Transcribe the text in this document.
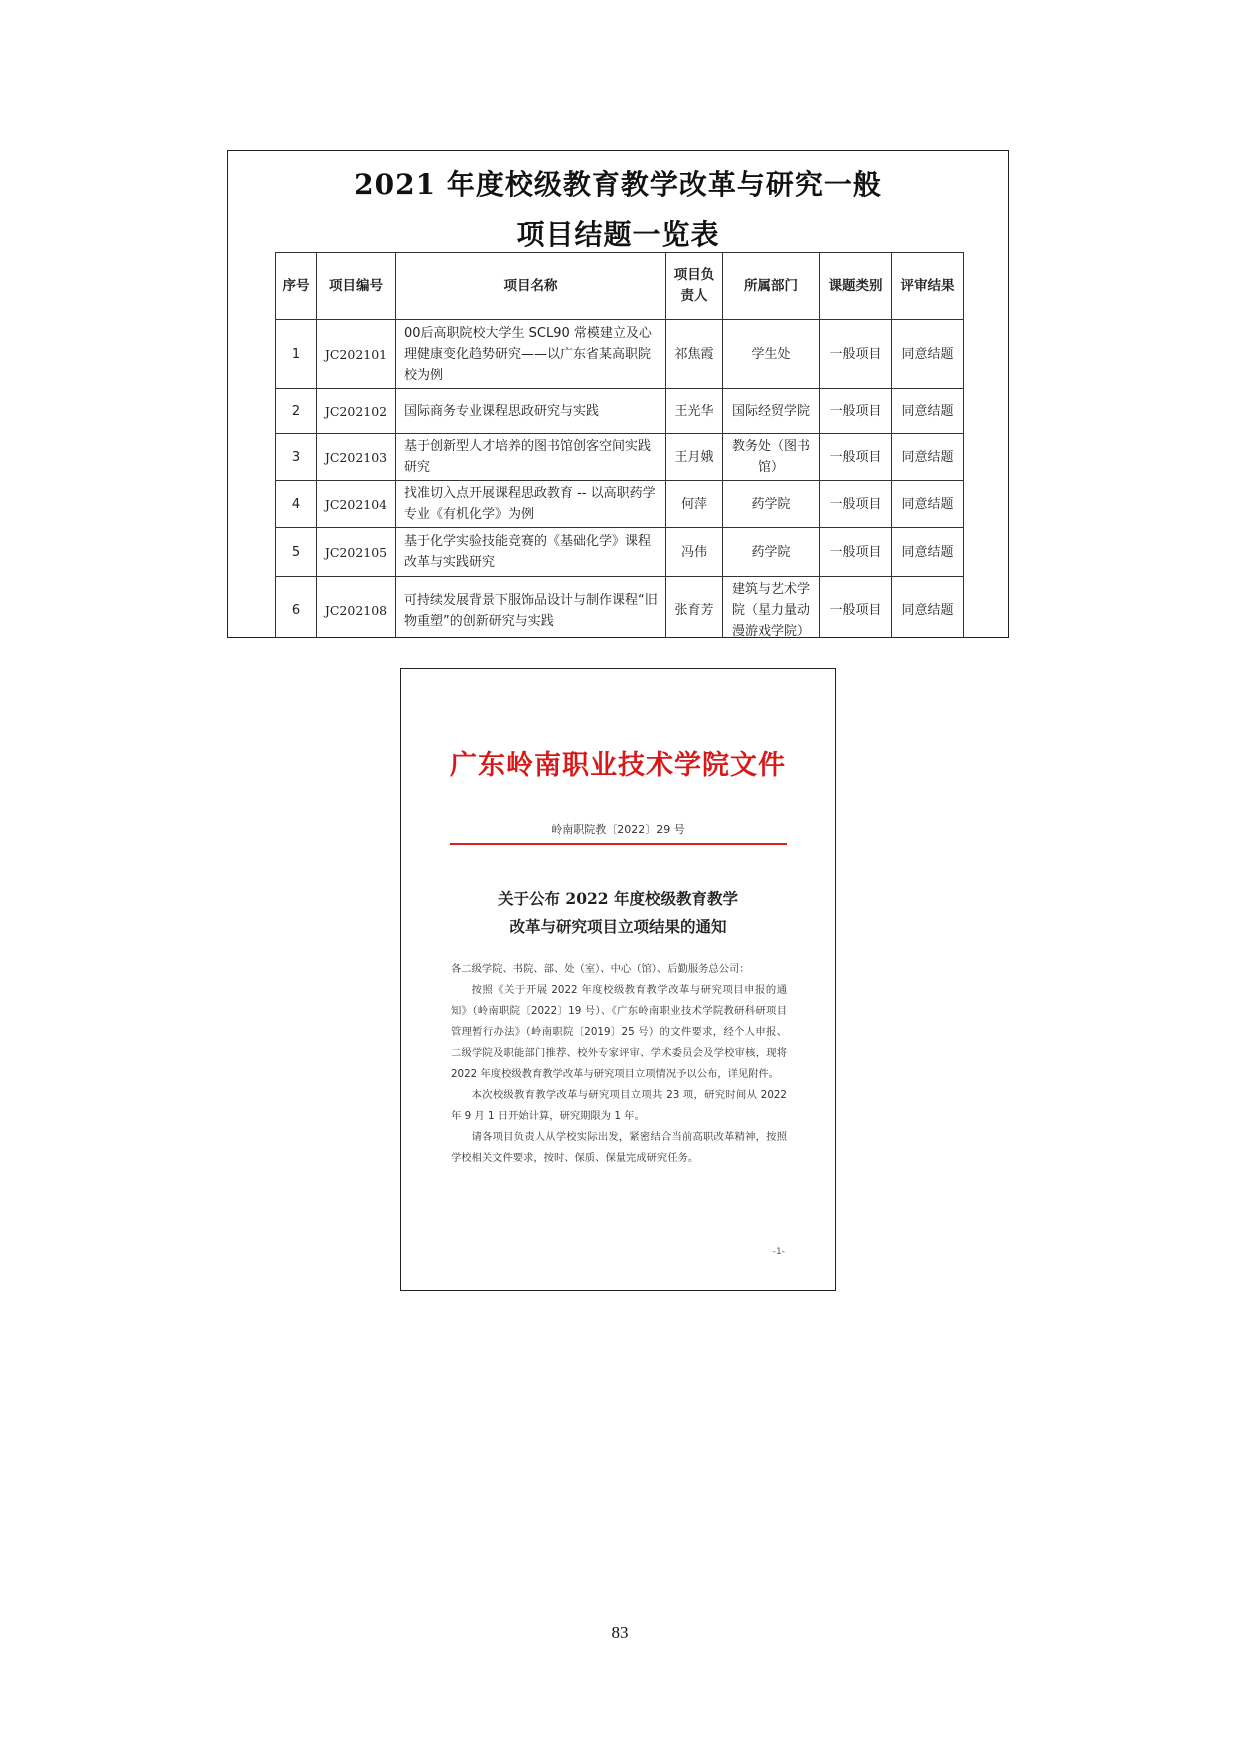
2021 年度校级教育教学改革与研究一般
项目结题一览表
序号	项目编号	项目名称	项目负责人	所属部门	课题类别	评审结果
1	JC202101	00后高职院校大学生 SCL90 常模建立及心理健康变化趋势研究——以广东省某高职院校为例	祁焦霞	学生处	一般项目	同意结题
2	JC202102	国际商务专业课程思政研究与实践	王光华	国际经贸学院	一般项目	同意结题
3	JC202103	基于创新型人才培养的图书馆创客空间实践研究	王月娥	教务处（图书馆）	一般项目	同意结题
4	JC202104	找准切入点开展课程思政教育 -- 以高职药学专业《有机化学》为例	何萍	药学院	一般项目	同意结题
5	JC202105	基于化学实验技能竞赛的《基础化学》课程改革与实践研究	冯伟	药学院	一般项目	同意结题
6	JC202108	可持续发展背景下服饰品设计与制作课程“旧物重塑”的创新研究与实践	张育芳	建筑与艺术学院（星力量动漫游戏学院）	一般项目	同意结题

广东岭南职业技术学院文件
岭南职院教〔2022〕29 号
关于公布 2022 年度校级教育教学
改革与研究项目立项结果的通知

各二级学院、书院、部、处（室）、中心（馆）、后勤服务总公司：

按照《关于开展 2022 年度校级教育教学改革与研究项目申报的通知》（岭南职院〔2022〕19 号）、《广东岭南职业技术学院教研科研项目管理暂行办法》（岭南职院〔2019〕25 号）的文件要求，经个人申报、二级学院及职能部门推荐、校外专家评审、学术委员会及学校审核，现将 2022 年度校级教育教学改革与研究项目立项情况予以公布，详见附件。

本次校级教育教学改革与研究项目立项共 23 项，研究时间从 2022 年 9 月 1 日开始计算，研究期限为 1 年。

请各项目负责人从学校实际出发，紧密结合当前高职改革精神，按照学校相关文件要求，按时、保质、保量完成研究任务。

-1-
83
